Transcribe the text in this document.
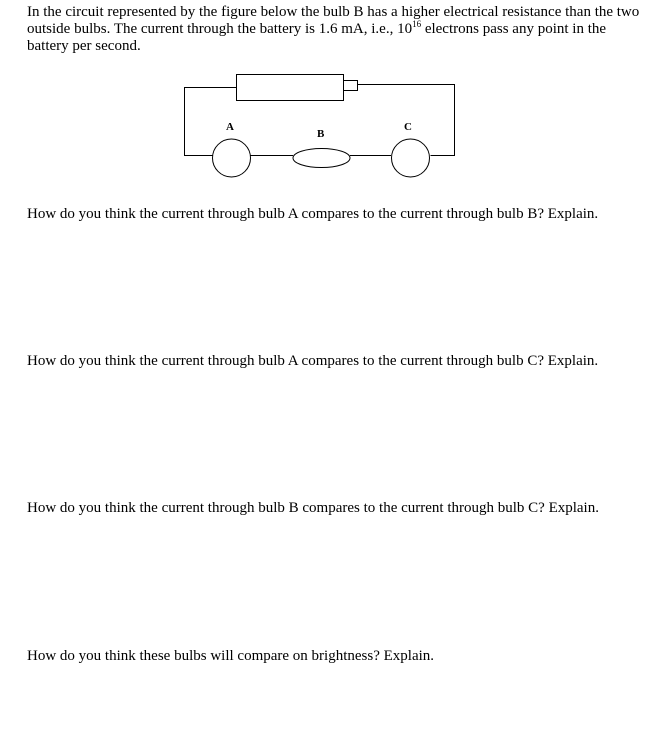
In the circuit represented by the figure below the bulb B has a higher electrical resistance than the two outside bulbs. The current through the battery is 1.6 mA, i.e., $10^{16}$ electrons pass any point in the battery per second.

A
B
C

How do you think the current through bulb A compares to the current through bulb B? Explain.

How do you think the current through bulb A compares to the current through bulb C? Explain.

How do you think the current through bulb B compares to the current through bulb C? Explain.

How do you think these bulbs will compare on brightness? Explain.
